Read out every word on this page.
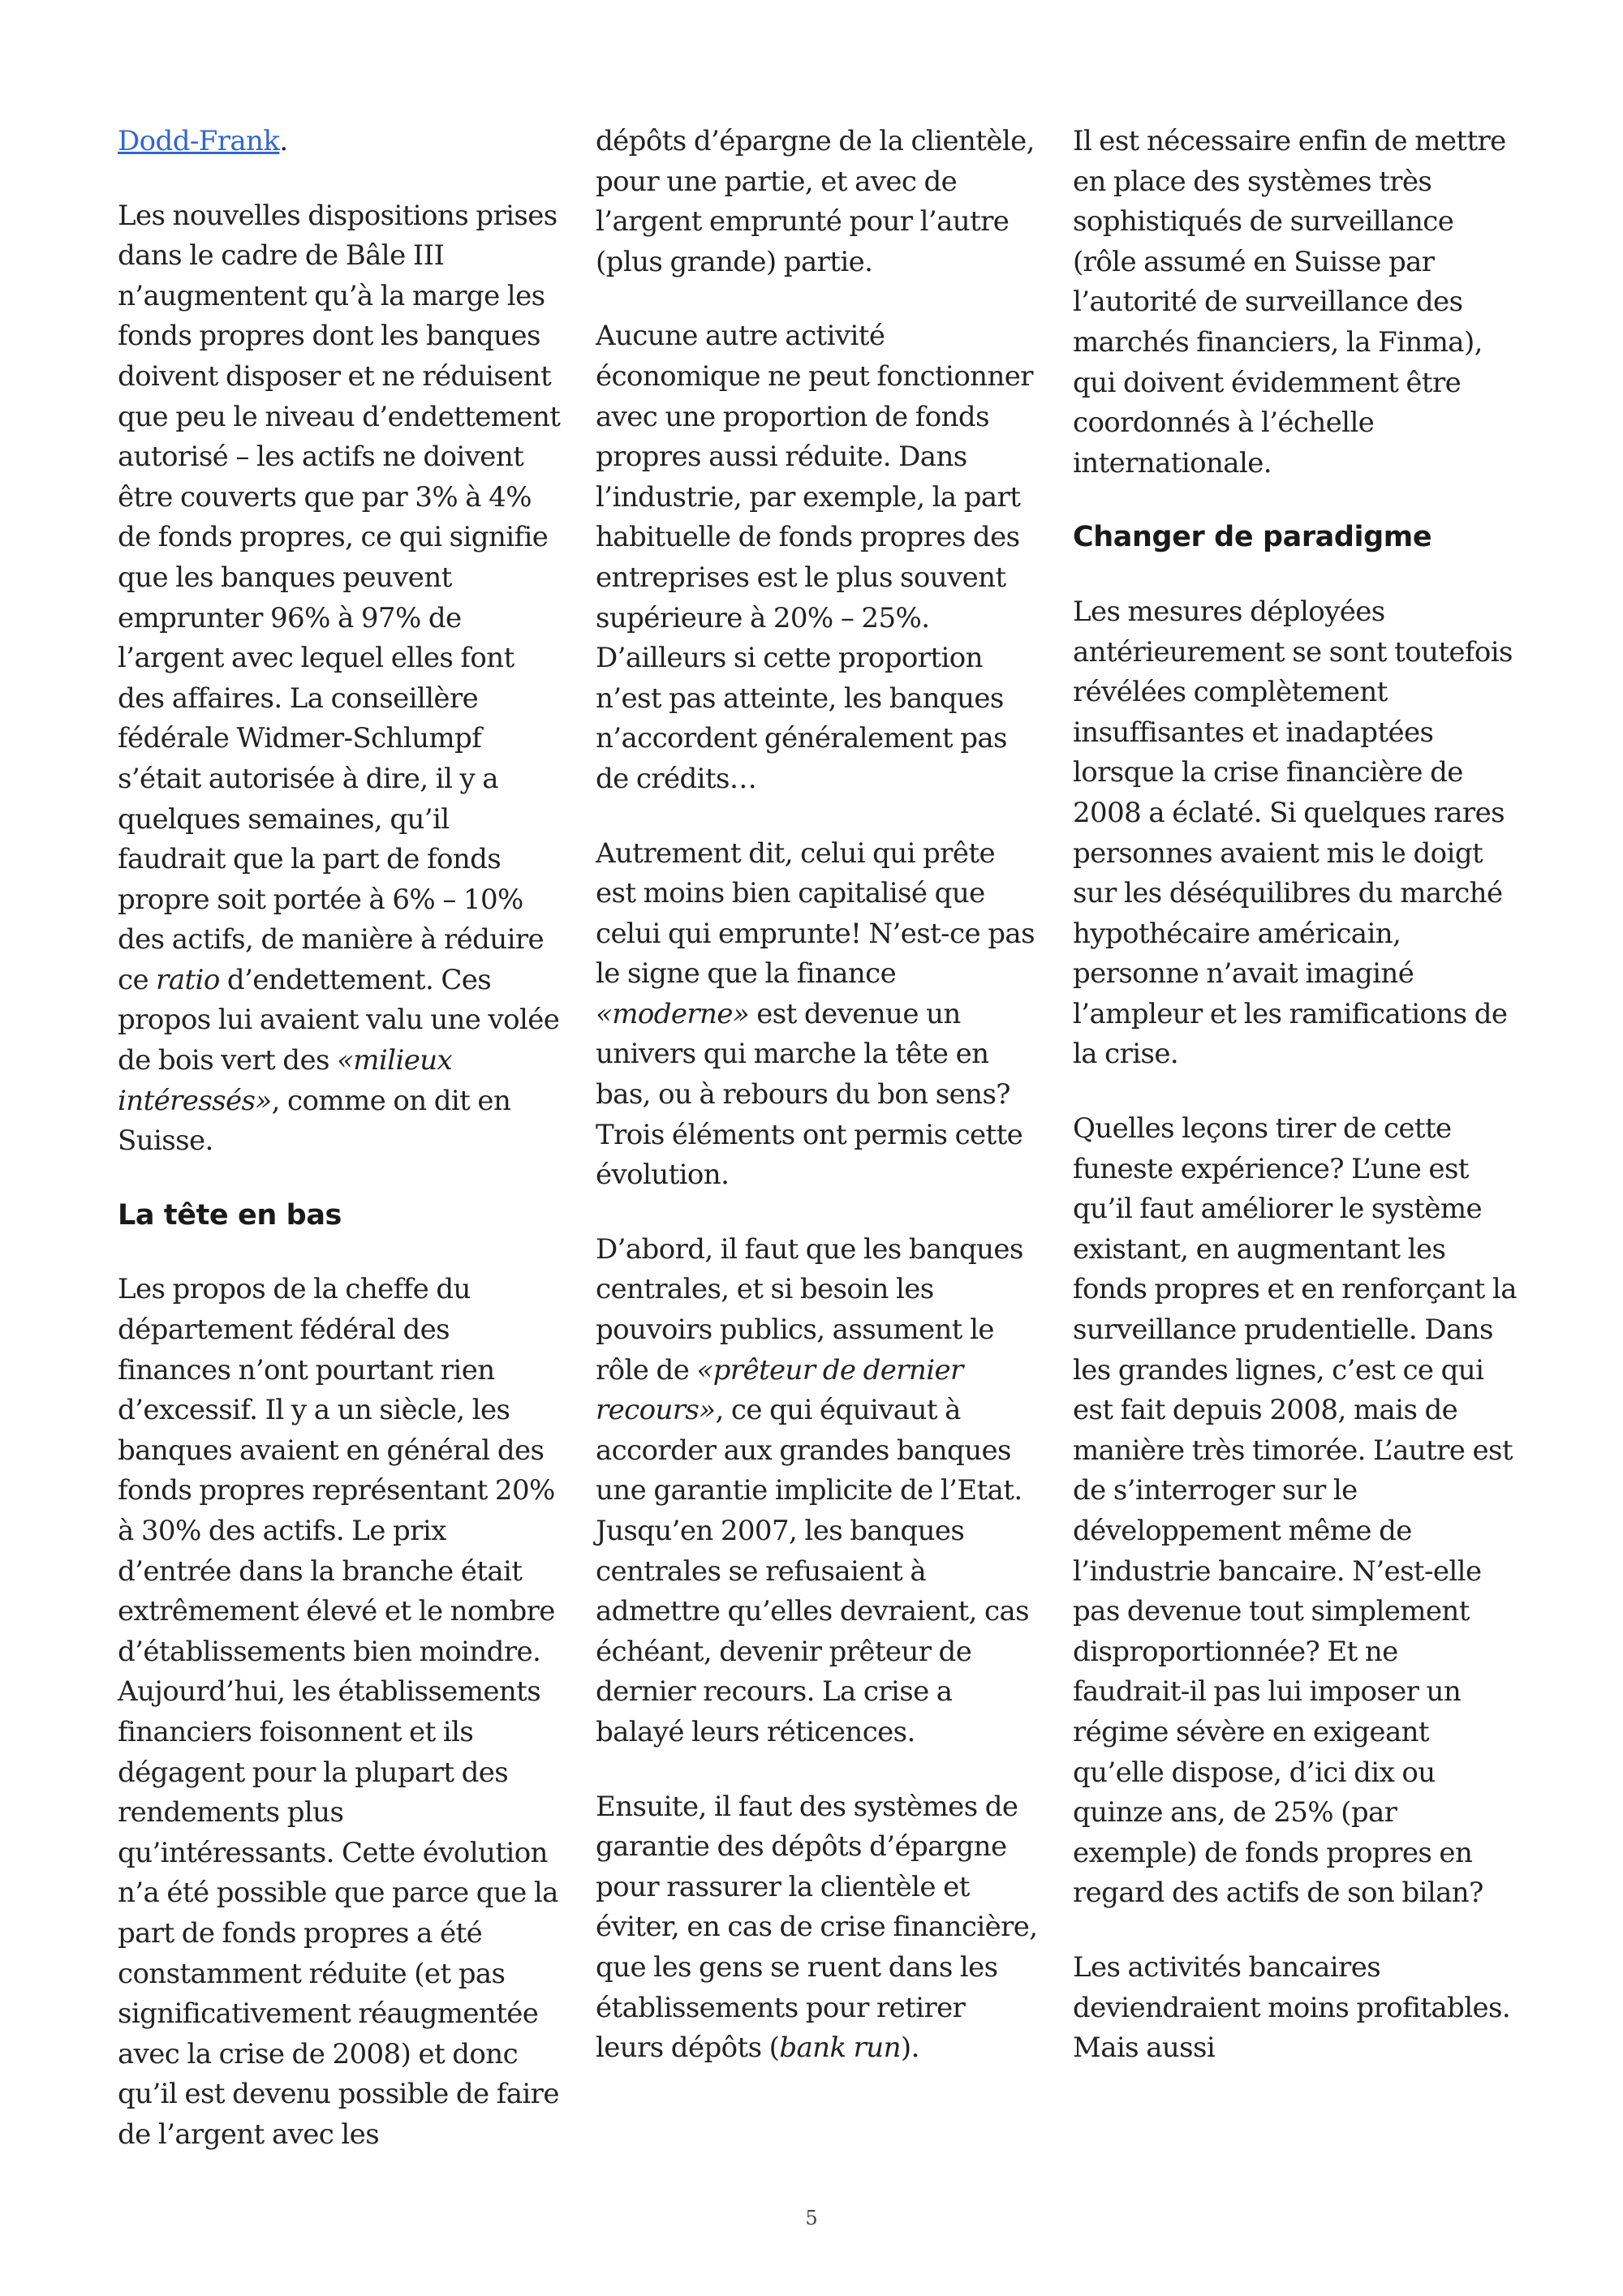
Dodd-Frank.

Les nouvelles dispositions prises dans le cadre de Bâle III n’augmentent qu’à la marge les fonds propres dont les banques doivent disposer et ne réduisent que peu le niveau d’endettement autorisé – les actifs ne doivent être couverts que par 3% à 4% de fonds propres, ce qui signifie que les banques peuvent emprunter 96% à 97% de l’argent avec lequel elles font des affaires. La conseillère fédérale Widmer-Schlumpf s’était autorisée à dire, il y a quelques semaines, qu’il faudrait que la part de fonds propre soit portée à 6% – 10% des actifs, de manière à réduire ce ratio d’endettement. Ces propos lui avaient valu une volée de bois vert des «milieux intéressés», comme on dit en Suisse.

La tête en bas

Les propos de la cheffe du département fédéral des finances n’ont pourtant rien d’excessif. Il y a un siècle, les banques avaient en général des fonds propres représentant 20% à 30% des actifs. Le prix d’entrée dans la branche était extrêmement élevé et le nombre d’établissements bien moindre. Aujourd’hui, les établissements financiers foisonnent et ils dégagent pour la plupart des rendements plus qu’intéressants. Cette évolution n’a été possible que parce que la part de fonds propres a été constamment réduite (et pas significativement réaugmentée avec la crise de 2008) et donc qu’il est devenu possible de faire de l’argent avec les

dépôts d’épargne de la clientèle, pour une partie, et avec de l’argent emprunté pour l’autre (plus grande) partie.

Aucune autre activité économique ne peut fonctionner avec une proportion de fonds propres aussi réduite. Dans l’industrie, par exemple, la part habituelle de fonds propres des entreprises est le plus souvent supérieure à 20% – 25%. D’ailleurs si cette proportion n’est pas atteinte, les banques n’accordent généralement pas de crédits…

Autrement dit, celui qui prête est moins bien capitalisé que celui qui emprunte! N’est-ce pas le signe que la finance «moderne» est devenue un univers qui marche la tête en bas, ou à rebours du bon sens? Trois éléments ont permis cette évolution.

D’abord, il faut que les banques centrales, et si besoin les pouvoirs publics, assument le rôle de «prêteur de dernier recours», ce qui équivaut à accorder aux grandes banques une garantie implicite de l’Etat. Jusqu’en 2007, les banques centrales se refusaient à admettre qu’elles devraient, cas échéant, devenir prêteur de dernier recours. La crise a balayé leurs réticences.

Ensuite, il faut des systèmes de garantie des dépôts d’épargne pour rassurer la clientèle et éviter, en cas de crise financière, que les gens se ruent dans les établissements pour retirer leurs dépôts (bank run).

Il est nécessaire enfin de mettre en place des systèmes très sophistiqués de surveillance (rôle assumé en Suisse par l’autorité de surveillance des marchés financiers, la Finma), qui doivent évidemment être coordonnés à l’échelle internationale.

Changer de paradigme

Les mesures déployées antérieurement se sont toutefois révélées complètement insuffisantes et inadaptées lorsque la crise financière de 2008 a éclaté. Si quelques rares personnes avaient mis le doigt sur les déséquilibres du marché hypothécaire américain, personne n’avait imaginé l’ampleur et les ramifications de la crise.

Quelles leçons tirer de cette funeste expérience? L’une est qu’il faut améliorer le système existant, en augmentant les fonds propres et en renforçant la surveillance prudentielle. Dans les grandes lignes, c’est ce qui est fait depuis 2008, mais de manière très timorée. L’autre est de s’interroger sur le développement même de l’industrie bancaire. N’est-elle pas devenue tout simplement disproportionnée? Et ne faudrait-il pas lui imposer un régime sévère en exigeant qu’elle dispose, d’ici dix ou quinze ans, de 25% (par exemple) de fonds propres en regard des actifs de son bilan?

Les activités bancaires deviendraient moins profitables. Mais aussi

5
